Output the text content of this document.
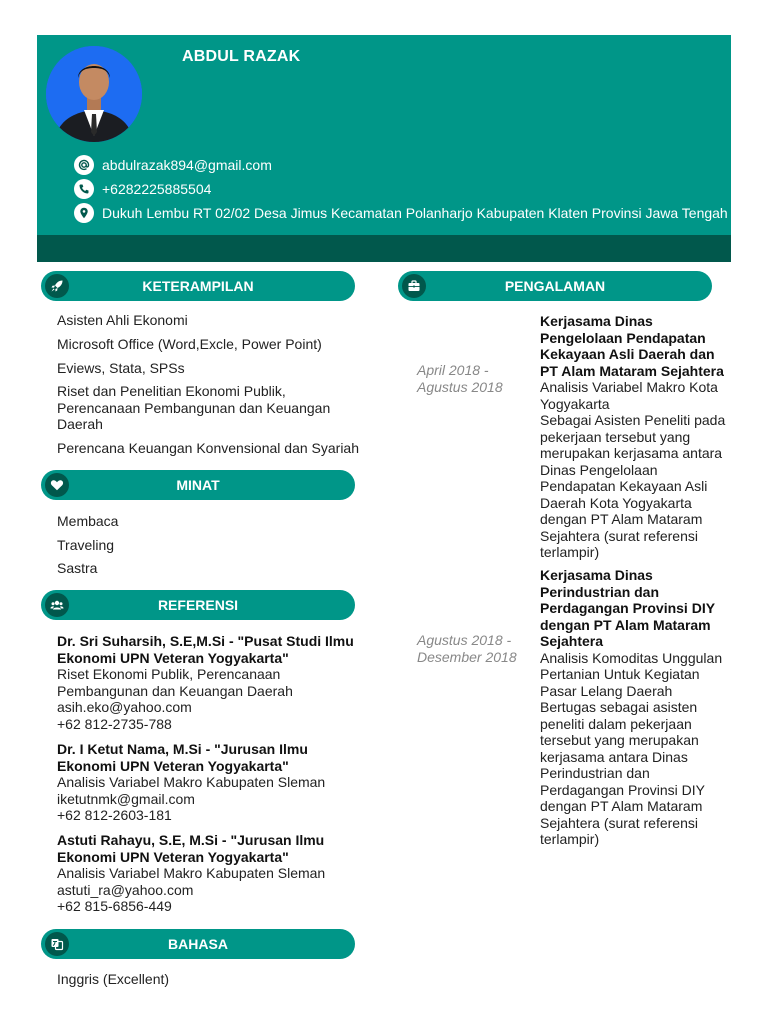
ABDUL RAZAK
abdulrazak894@gmail.com
+6282225885504
Dukuh Lembu RT 02/02 Desa Jimus Kecamatan Polanharjo Kabupaten Klaten Provinsi Jawa Tengah
KETERAMPILAN
Asisten Ahli Ekonomi
Microsoft Office (Word,Excle, Power Point)
Eviews, Stata, SPSs
Riset dan Penelitian Ekonomi Publik, Perencanaan Pembangunan dan Keuangan Daerah
Perencana Keuangan Konvensional dan Syariah
MINAT
Membaca
Traveling
Sastra
REFERENSI
Dr. Sri Suharsih, S.E,M.Si - "Pusat Studi Ilmu Ekonomi UPN Veteran Yogyakarta"
Riset Ekonomi Publik, Perencanaan Pembangunan dan Keuangan Daerah
asih.eko@yahoo.com
+62 812-2735-788
Dr. I Ketut Nama, M.Si - "Jurusan Ilmu Ekonomi UPN Veteran Yogyakarta"
Analisis Variabel Makro Kabupaten Sleman
iketutnmk@gmail.com
+62 812-2603-181
Astuti Rahayu, S.E, M.Si - "Jurusan Ilmu Ekonomi UPN Veteran Yogyakarta"
Analisis Variabel Makro Kabupaten Sleman
astuti_ra@yahoo.com
+62 815-6856-449
BAHASA
Inggris (Excellent)
PENGALAMAN
April 2018 - Agustus 2018
Kerjasama Dinas Pengelolaan Pendapatan Kekayaan Asli Daerah dan PT Alam Mataram Sejahtera
Analisis Variabel Makro Kota Yogyakarta
Sebagai Asisten Peneliti pada pekerjaan tersebut yang merupakan kerjasama antara Dinas Pengelolaan Pendapatan Kekayaan Asli Daerah Kota Yogyakarta dengan PT Alam Mataram Sejahtera (surat referensi terlampir)
Agustus 2018 - Desember 2018
Kerjasama Dinas Perindustrian dan Perdagangan Provinsi DIY dengan PT Alam Mataram Sejahtera
Analisis Komoditas Unggulan Pertanian Untuk Kegiatan Pasar Lelang Daerah
Bertugas sebagai asisten peneliti dalam pekerjaan tersebut yang merupakan kerjasama antara Dinas Perindustrian dan Perdagangan Provinsi DIY dengan PT Alam Mataram Sejahtera (surat referensi terlampir)
